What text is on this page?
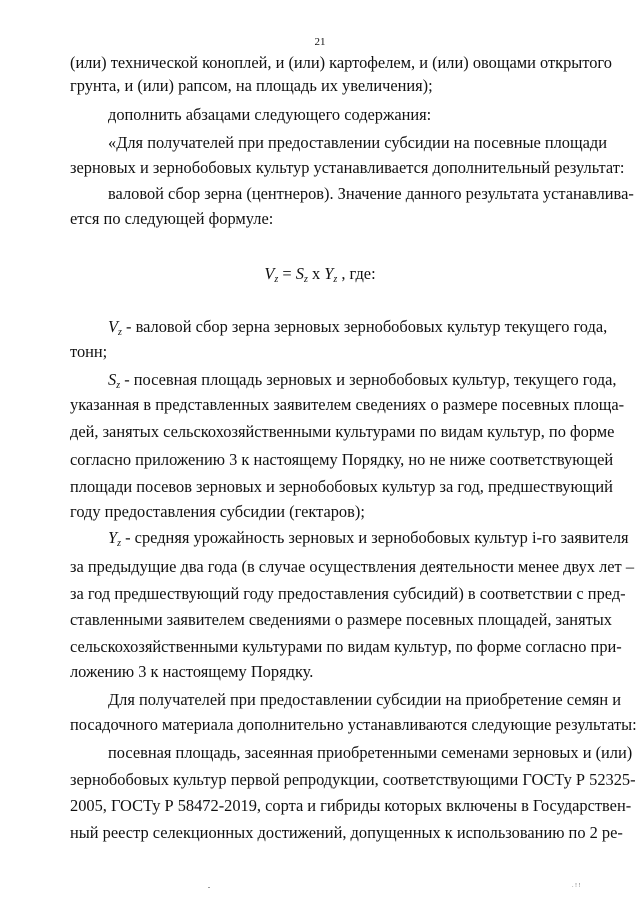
21
(или) технической коноплей, и (или) картофелем, и (или) овощами открытого
грунта, и (или) рапсом, на площадь их увеличения);
дополнить абзацами следующего содержания:
«Для получателей при предоставлении субсидии на посевные площади
зерновых и зернобобовых культур устанавливается дополнительный результат:
валовой сбор зерна (центнеров). Значение данного результата устанавлива-
ется по следующей формуле:
$V_z = S_z$ х $Y_z$ , где:
$V_z$ - валовой сбор зерна зерновых зернобобовых культур текущего года,
тонн;
$S_z$ - посевная площадь зерновых и зернобобовых культур, текущего года,
указанная в представленных заявителем сведениях о размере посевных площа-
дей, занятых сельскохозяйственными культурами по видам культур, по форме
согласно приложению 3 к настоящему Порядку, но не ниже соответствующей
площади посевов зерновых и зернобобовых культур за год, предшествующий
году предоставления субсидии (гектаров);
$Y_z$ - средняя урожайность зерновых и зернобобовых культур i-го заявителя
за предыдущие два года (в случае осуществления деятельности менее двух лет –
за год предшествующий году предоставления субсидий) в соответствии с пред-
ставленными заявителем сведениями о размере посевных площадей, занятых
сельскохозяйственными культурами по видам культур, по форме согласно при-
ложению 3 к настоящему Порядку.
Для получателей при предоставлении субсидии на приобретение семян и
посадочного материала дополнительно устанавливаются следующие результаты:
посевная площадь, засеянная приобретенными семенами зерновых и (или)
зернобобовых культур первой репродукции, соответствующими ГОСТу Р 52325-
2005, ГОСТу Р 58472-2019, сорта и гибриды которых включены в Государствен-
ный реестр селекционных достижений, допущенных к использованию по 2 ре-
. ! !
